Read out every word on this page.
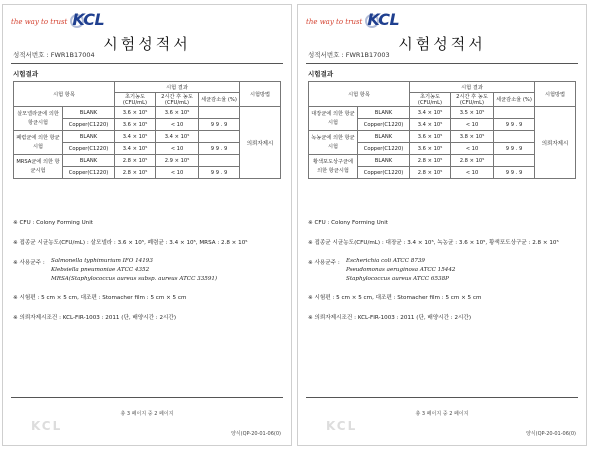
the way to trust KCL
시험성적서
성적서번호 : FWR1B17004
시험결과
시험 항목		시험 결과			시험방법
		초기농도 (CFU/mL)	2시간 후 농도 (CFU/mL)	세균감소율 (%)	
살모넬라균에 의한 항균시험	BLANK	3.6 × 10⁵	3.6 × 10⁵		의뢰자제시
	Copper(C1220)	3.6 × 10⁵	< 10	9 9 . 9	
폐렴균에 의한 항균시험	BLANK	3.4 × 10⁵	3.4 × 10⁵		
	Copper(C1220)	3.4 × 10⁵	< 10	9 9 . 9	
MRSA균에 의한 항균시험	BLANK	2.8 × 10⁵	2.9 × 10⁵		
	Copper(C1220)	2.8 × 10⁵	< 10	9 9 . 9	
※ CFU : Colony Forming Unit
※ 접종균 시균농도(CFU/mL) : 살모넬라 : 3.6 × 10⁵, 폐렴균 : 3.4 × 10⁵, MRSA : 2.8 × 10⁵
※ 사용균주 :	Salmonella typhimurium IFO 14193
Klebsiella pneumoniae ATCC 4352
MRSA(Staphylococcus aureus subsp. aureus ATCC 33591)
※ 시험편 : 5 cm × 5 cm, 대조편 : Stomacher film : 5 cm × 5 cm
※ 의뢰자제시조건 : KCL-FIR-1003 : 2011 (단, 배양시간 : 2시간)
총 3 페이지 중 2 페이지
KCL
양식(QP-20-01-06(0)
the way to trust KCL
시험성적서
성적서번호 : FWR1B17003
시험결과
시험 항목		시험 결과			시험방법
		초기농도 (CFU/mL)	2시간 후 농도 (CFU/mL)	세균감소율 (%)	
대장균에 의한 항균시험	BLANK	3.4 × 10⁵	3.5 × 10⁵		의뢰자제시
	Copper(C1220)	3.4 × 10⁵	< 10	9 9 . 9	
녹농균에 의한 항균시험	BLANK	3.6 × 10⁵	3.8 × 10⁵		
	Copper(C1220)	3.6 × 10⁵	< 10	9 9 . 9	
황색포도상구균에 의한 항균시험	BLANK	2.8 × 10⁵	2.8 × 10⁵		
	Copper(C1220)	2.8 × 10⁵	< 10	9 9 . 9	
※ CFU : Colony Forming Unit
※ 접종균 시균농도(CFU/mL) : 대장균 : 3.4 × 10⁵, 녹농균 : 3.6 × 10⁵, 황색포도상구균 : 2.8 × 10⁵
※ 사용균주 :	Escherichia coli ATCC 8739
Pseudomonas aeruginosa ATCC 15442
Staphylococcus aureus ATCC 6538P
※ 시험편 : 5 cm × 5 cm, 대조편 : Stomacher film : 5 cm × 5 cm
※ 의뢰자제시조건 : KCL-FIR-1003 : 2011 (단, 배양시간 : 2시간)
총 3 페이지 중 2 페이지
KCL
양식(QP-20-01-06(0)
